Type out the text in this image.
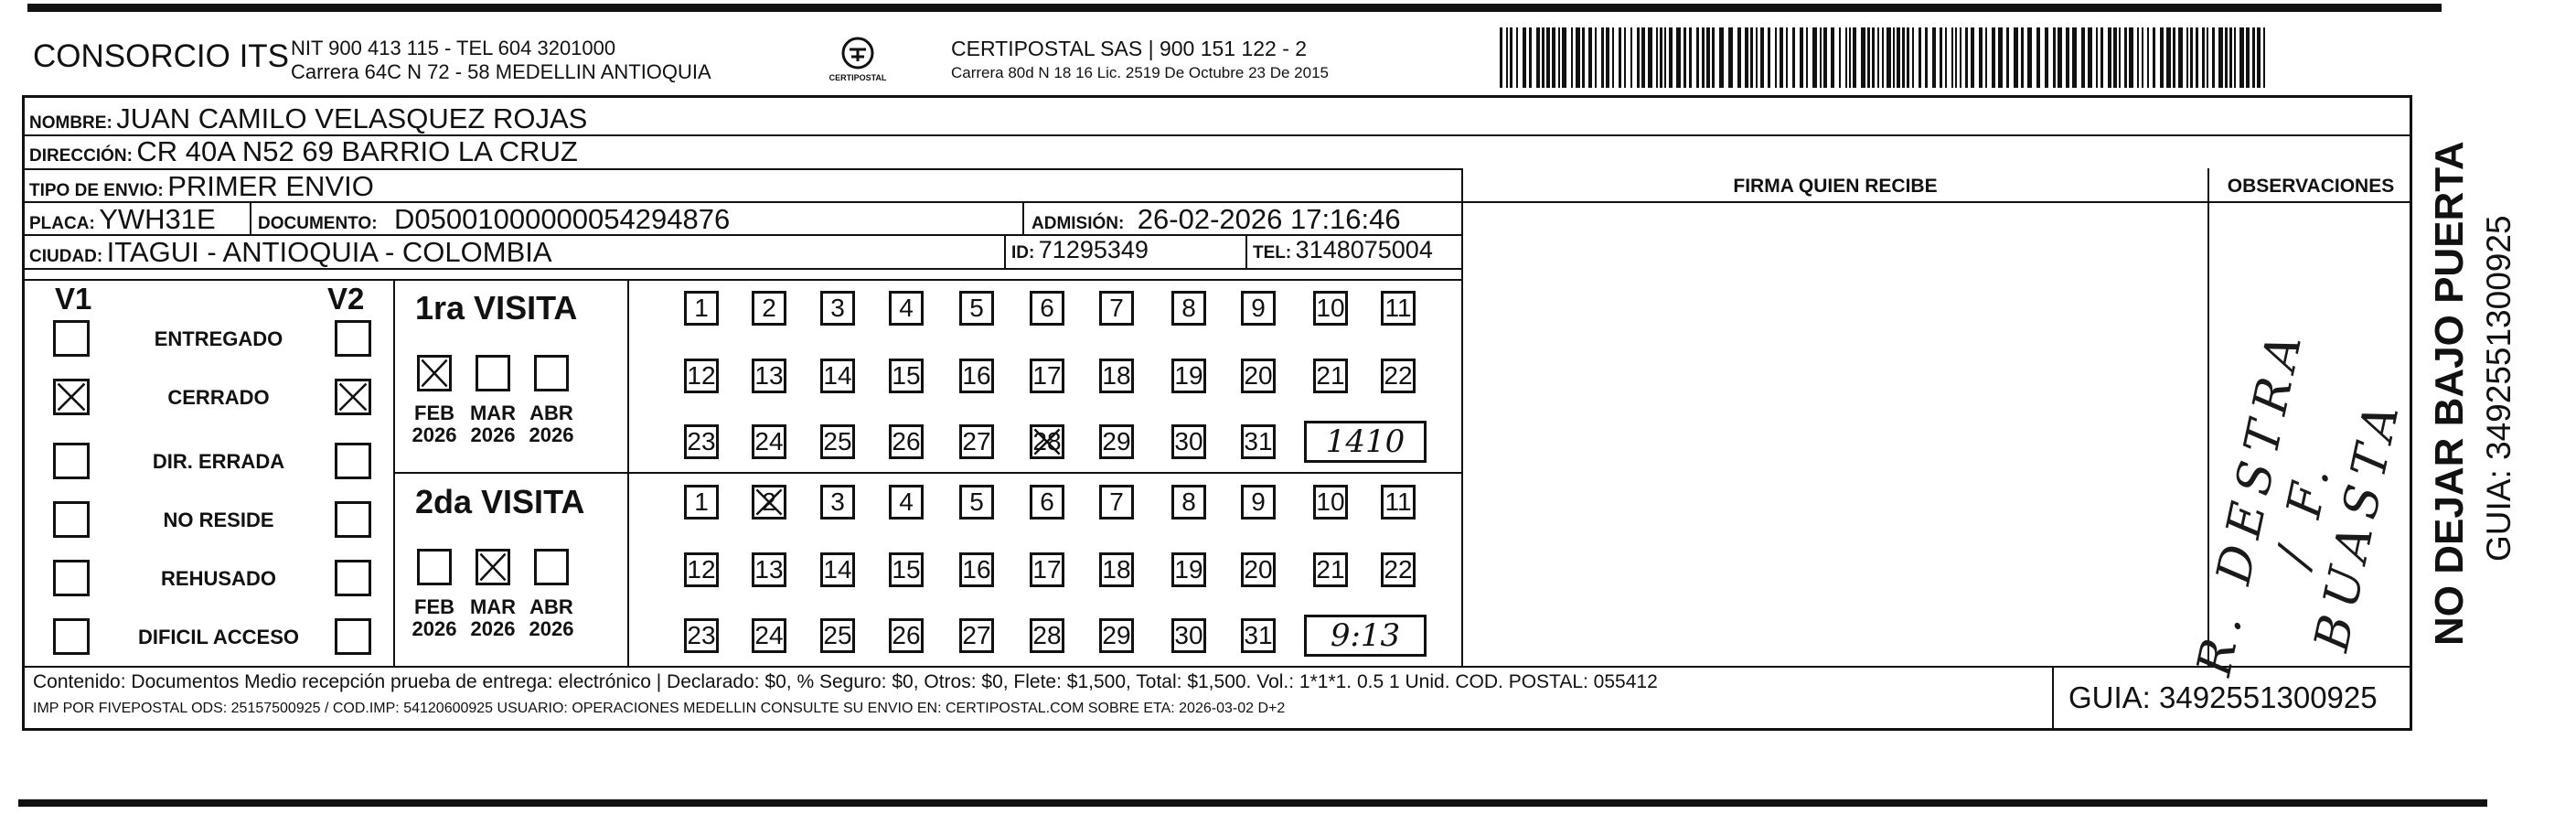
CONSORCIO ITS NIT 900 413 115 - TEL 604 3201000
Carrera 64C N 72 - 58 MEDELLIN ANTIOQUIA	CERTIPOSTAL
CERTIPOSTAL SAS | 900 151 122 - 2
Carrera 80d N 18 16 Lic. 2519 De Octubre 23 De 2015
NOMBRE: JUAN CAMILO VELASQUEZ ROJAS
DIRECCIÓN: CR 40A N52 69 BARRIO LA CRUZ
TIPO DE ENVIO: PRIMER ENVIO
PLACA: YWH31E DOCUMENTO: D05001000000054294876	ADMISIÓN: 26-02-2026 17:16:46
CIUDAD: ITAGUI - ANTIOQUIA - COLOMBIA	ID: 71295349	TEL: 3148075004
FIRMA QUIEN RECIBE	OBSERVACIONES
R. DESTRA / F. BUASTA
V1	V2
ENTREGADO
CERRADO
DIR. ERRADA
NO RESIDE
REHUSADO
DIFICIL ACCESO
1ra VISITA
2da VISITA
FEB
2026
MAR
2026
ABR
2026
1	2	3	4	5	6	7	8	9	10 11
12 13 14 15 16 17 18 19 20 21 22
23 24 25 26 27 28 29 30 31	1410
FEB
2026
MAR
2026
ABR
2026
1	2	3	4	5	6	7	8	9	10 11
12 13 14 15 16 17 18 19 20 21 22
23 24 25 26 27 28 29 30 31	9:13
Contenido: Documentos Medio recepción prueba de entrega: electrónico | Declarado: $0, % Seguro: $0, Otros: $0, Flete: $1,500, Total: $1,500. Vol.: 1*1*1. 0.5 1 Unid. COD. POSTAL: 055412
IMP POR FIVEPOSTAL ODS: 25157500925 / COD.IMP: 54120600925 USUARIO: OPERACIONES MEDELLIN CONSULTE SU ENVIO EN: CERTIPOSTAL.COM SOBRE ETA: 2026-03-02 D+2	GUIA: 3492551300925
NO DEJAR BAJO PUERTA GUIA: 3492551300925
